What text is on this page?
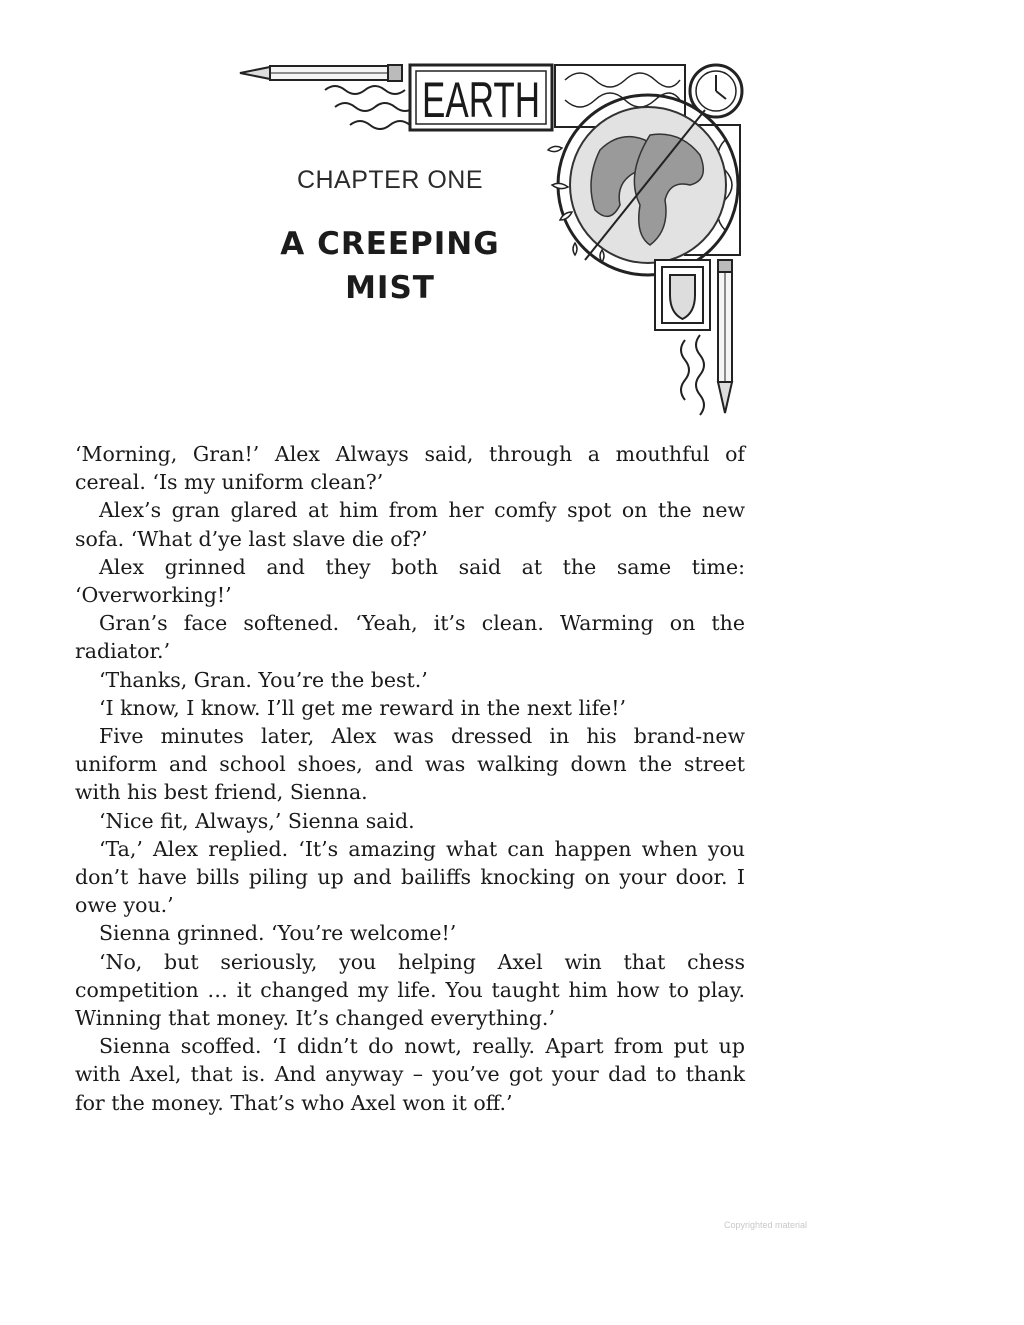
EARTH
CHAPTER ONE
A CREEPING
MIST

‘Morning, Gran!’ Alex Always said, through a mouthful of cereal. ‘Is my uniform clean?’

Alex’s gran glared at him from her comfy spot on the new sofa. ‘What d’ye last slave die of?’

Alex grinned and they both said at the same time: ‘Overworking!’

Gran’s face softened. ‘Yeah, it’s clean. Warming on the radiator.’

‘Thanks, Gran. You’re the best.’

‘I know, I know. I’ll get me reward in the next life!’

Five minutes later, Alex was dressed in his brand-new uniform and school shoes, and was walking down the street with his best friend, Sienna.

‘Nice fit, Always,’ Sienna said.

‘Ta,’ Alex replied. ‘It’s amazing what can happen when you don’t have bills piling up and bailiffs knocking on your door. I owe you.’

Sienna grinned. ‘You’re welcome!’

‘No, but seriously, you helping Axel win that chess competition … it changed my life. You taught him how to play. Winning that money. It’s changed everything.’

Sienna scoffed. ‘I didn’t do nowt, really. Apart from put up with Axel, that is. And anyway – you’ve got your dad to thank for the money. That’s who Axel won it off.’

Copyrighted material
